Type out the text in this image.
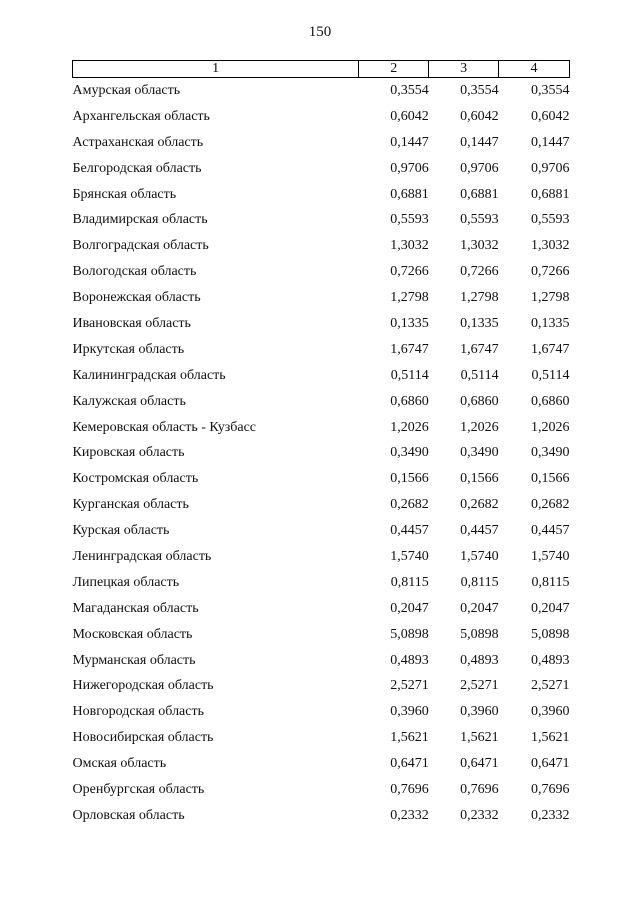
150
1	2	3	4
Амурская область	0,3554	0,3554	0,3554
Архангельская область	0,6042	0,6042	0,6042
Астраханская область	0,1447	0,1447	0,1447
Белгородская область	0,9706	0,9706	0,9706
Брянская область	0,6881	0,6881	0,6881
Владимирская область	0,5593	0,5593	0,5593
Волгоградская область	1,3032	1,3032	1,3032
Вологодская область	0,7266	0,7266	0,7266
Воронежская область	1,2798	1,2798	1,2798
Ивановская область	0,1335	0,1335	0,1335
Иркутская область	1,6747	1,6747	1,6747
Калининградская область	0,5114	0,5114	0,5114
Калужская область	0,6860	0,6860	0,6860
Кемеровская область - Кузбасс	1,2026	1,2026	1,2026
Кировская область	0,3490	0,3490	0,3490
Костромская область	0,1566	0,1566	0,1566
Курганская область	0,2682	0,2682	0,2682
Курская область	0,4457	0,4457	0,4457
Ленинградская область	1,5740	1,5740	1,5740
Липецкая область	0,8115	0,8115	0,8115
Магаданская область	0,2047	0,2047	0,2047
Московская область	5,0898	5,0898	5,0898
Мурманская область	0,4893	0,4893	0,4893
Нижегородская область	2,5271	2,5271	2,5271
Новгородская область	0,3960	0,3960	0,3960
Новосибирская область	1,5621	1,5621	1,5621
Омская область	0,6471	0,6471	0,6471
Оренбургская область	0,7696	0,7696	0,7696
Орловская область	0,2332	0,2332	0,2332
